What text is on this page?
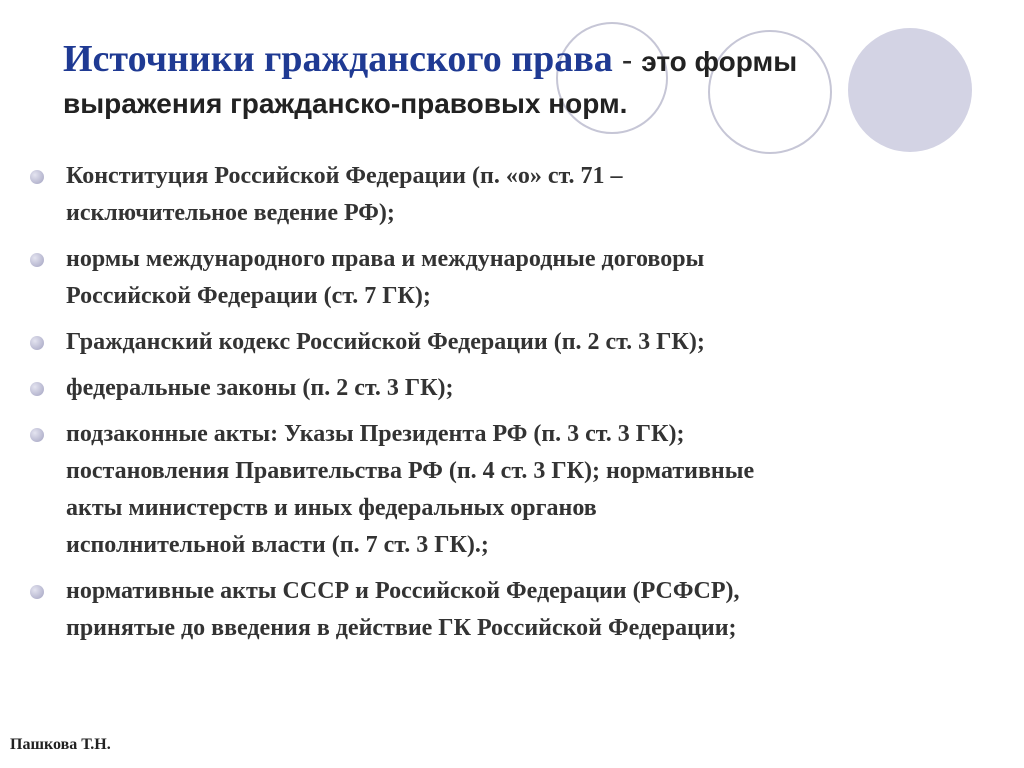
Источники гражданского права - это формы
выражения гражданско-правовых норм.
Конституция Российской Федерации (п. «о» ст. 71 –
исключительное ведение РФ);
нормы международного права и международные договоры
Российской Федерации (ст. 7 ГК);
Гражданский кодекс Российской Федерации (п. 2 ст. 3 ГК);
федеральные законы (п. 2 ст. 3 ГК);
подзаконные акты: Указы Президента РФ (п. 3 ст. 3 ГК);
постановления Правительства РФ (п. 4 ст. 3 ГК); нормативные
акты министерств и иных федеральных органов
исполнительной власти (п. 7 ст. 3 ГК).;
нормативные акты СССР и Российской Федерации (РСФСР),
принятые до введения в действие ГК Российской Федерации;
Пашкова Т.Н.
